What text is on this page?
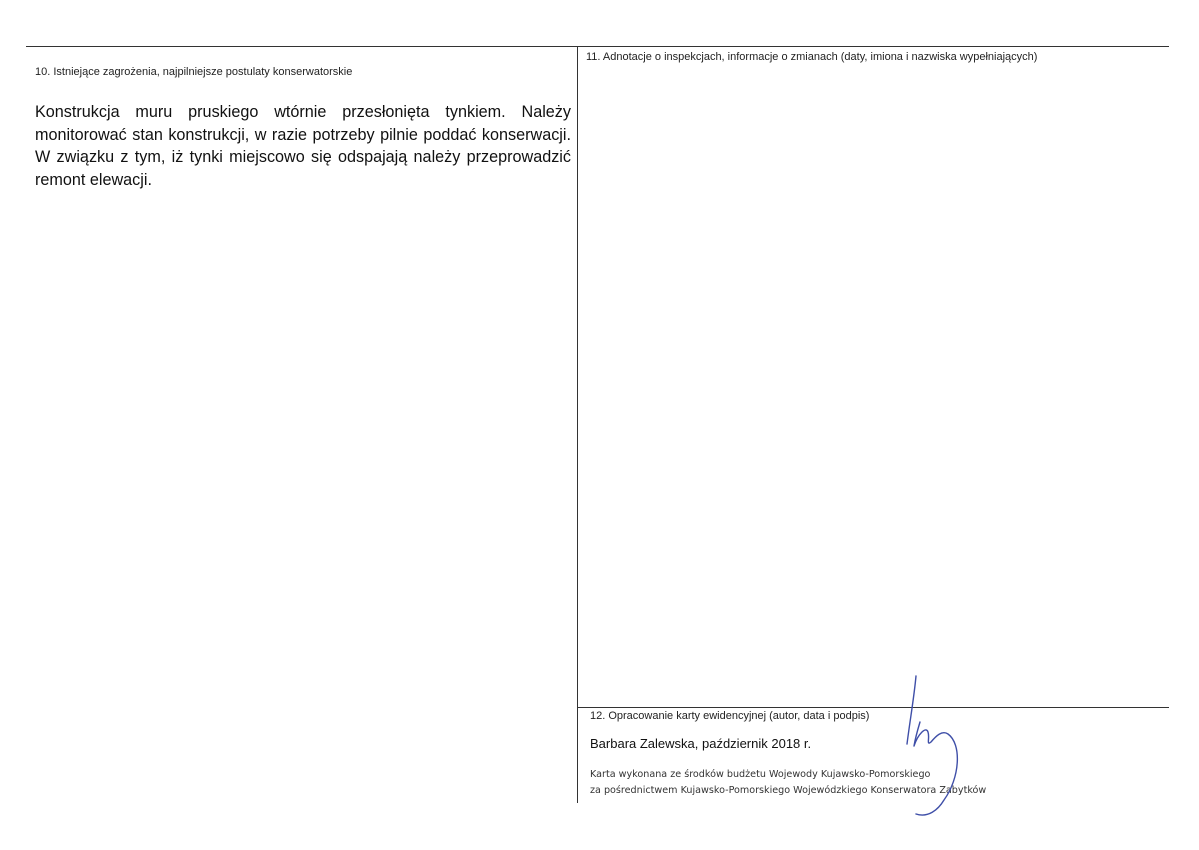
10. Istniejące zagrożenia, najpilniejsze postulaty konserwatorskie
Konstrukcja muru pruskiego wtórnie przesłonięta tynkiem. Należy monitorować stan konstrukcji, w razie potrzeby pilnie poddać konserwacji. W związku z tym, iż tynki miejscowo się odspajają należy przeprowadzić remont elewacji.
11. Adnotacje o inspekcjach, informacje o zmianach (daty, imiona i nazwiska wypełniających)
12. Opracowanie karty ewidencyjnej (autor, data i podpis)
Barbara Zalewska, październik 2018 r.
Karta wykonana ze środków budżetu Wojewody Kujawsko-Pomorskiego
za pośrednictwem Kujawsko-Pomorskiego Wojewódzkiego Konserwatora Zabytków
